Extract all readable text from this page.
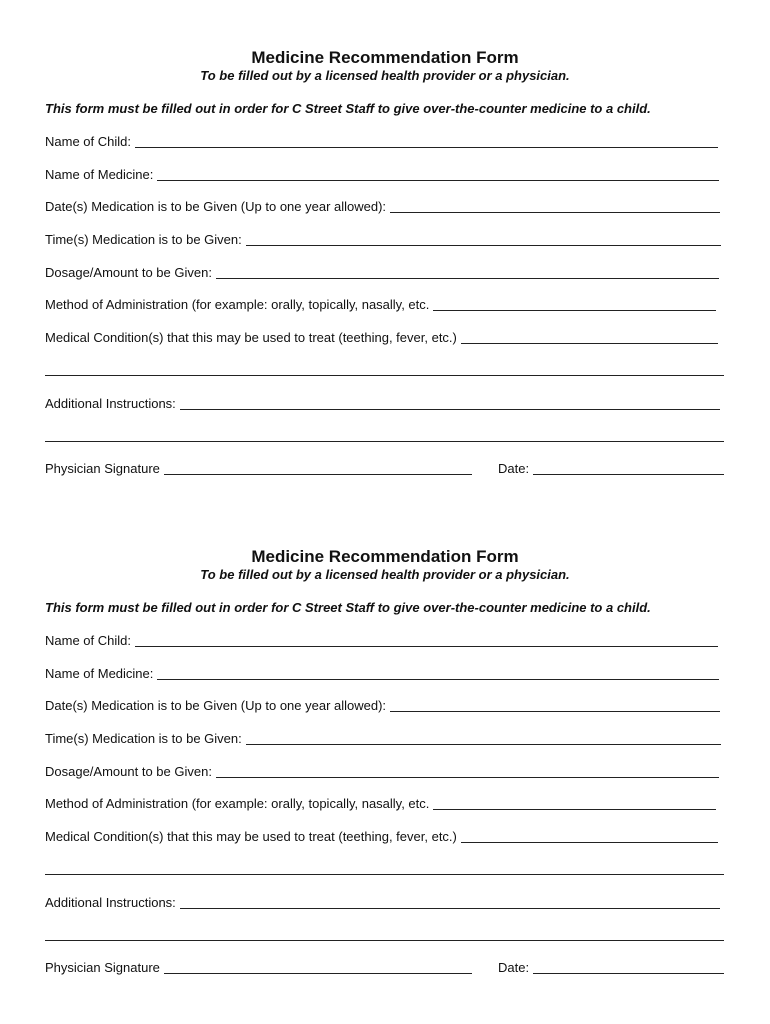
Medicine Recommendation Form
To be filled out by a licensed health provider or a physician.
This form must be filled out in order for C Street Staff to give over-the-counter medicine to a child.
Name of Child:
Name of Medicine:
Date(s) Medication is to be Given (Up to one year allowed):
Time(s) Medication is to be Given:
Dosage/Amount to be Given:
Method of Administration (for example: orally, topically, nasally, etc.
Medical Condition(s) that this may be used to treat (teething, fever, etc.)
Additional Instructions:
Physician Signature	Date:
Medicine Recommendation Form
To be filled out by a licensed health provider or a physician.
This form must be filled out in order for C Street Staff to give over-the-counter medicine to a child.
Name of Child:
Name of Medicine:
Date(s) Medication is to be Given (Up to one year allowed):
Time(s) Medication is to be Given:
Dosage/Amount to be Given:
Method of Administration (for example: orally, topically, nasally, etc.
Medical Condition(s) that this may be used to treat (teething, fever, etc.)
Additional Instructions:
Physician Signature	Date:
